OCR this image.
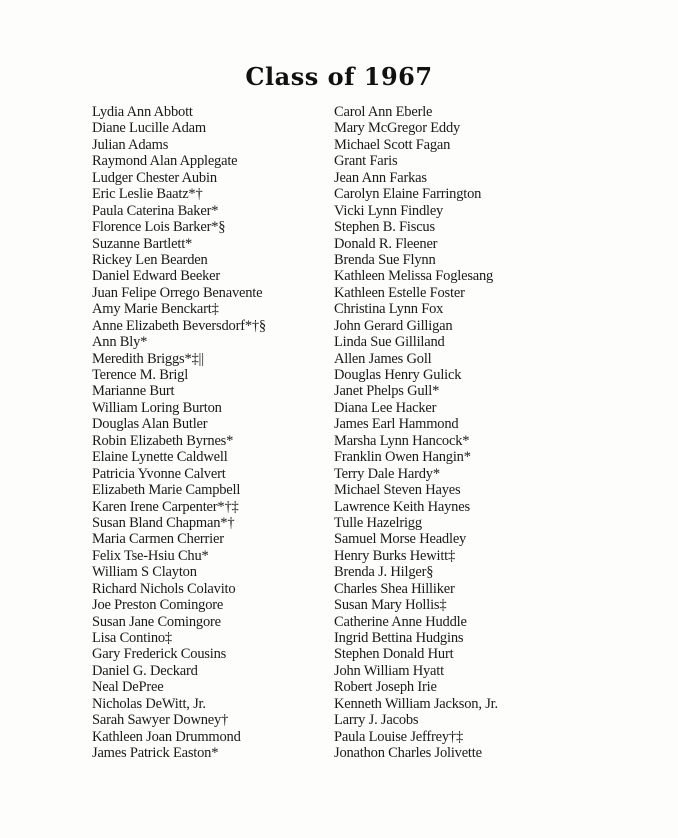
Class of 1967
Lydia Ann Abbott
Diane Lucille Adam
Julian Adams
Raymond Alan Applegate
Ludger Chester Aubin
Eric Leslie Baatz*†
Paula Caterina Baker*
Florence Lois Barker*§
Suzanne Bartlett*
Rickey Len Bearden
Daniel Edward Beeker
Juan Felipe Orrego Benavente
Amy Marie Benckart‡
Anne Elizabeth Beversdorf*†§
Ann Bly*
Meredith Briggs*‡||
Terence M. Brigl
Marianne Burt
William Loring Burton
Douglas Alan Butler
Robin Elizabeth Byrnes*
Elaine Lynette Caldwell
Patricia Yvonne Calvert
Elizabeth Marie Campbell
Karen Irene Carpenter*†‡
Susan Bland Chapman*†
Maria Carmen Cherrier
Felix Tse-Hsiu Chu*
William S Clayton
Richard Nichols Colavito
Joe Preston Comingore
Susan Jane Comingore
Lisa Contino‡
Gary Frederick Cousins
Daniel G. Deckard
Neal DePree
Nicholas DeWitt, Jr.
Sarah Sawyer Downey†
Kathleen Joan Drummond
James Patrick Easton*
Carol Ann Eberle
Mary McGregor Eddy
Michael Scott Fagan
Grant Faris
Jean Ann Farkas
Carolyn Elaine Farrington
Vicki Lynn Findley
Stephen B. Fiscus
Donald R. Fleener
Brenda Sue Flynn
Kathleen Melissa Foglesang
Kathleen Estelle Foster
Christina Lynn Fox
John Gerard Gilligan
Linda Sue Gilliland
Allen James Goll
Douglas Henry Gulick
Janet Phelps Gull*
Diana Lee Hacker
James Earl Hammond
Marsha Lynn Hancock*
Franklin Owen Hangin*
Terry Dale Hardy*
Michael Steven Hayes
Lawrence Keith Haynes
Tulle Hazelrigg
Samuel Morse Headley
Henry Burks Hewitt‡
Brenda J. Hilger§
Charles Shea Hilliker
Susan Mary Hollis‡
Catherine Anne Huddle
Ingrid Bettina Hudgins
Stephen Donald Hurt
John William Hyatt
Robert Joseph Irie
Kenneth William Jackson, Jr.
Larry J. Jacobs
Paula Louise Jeffrey†‡
Jonathon Charles Jolivette
